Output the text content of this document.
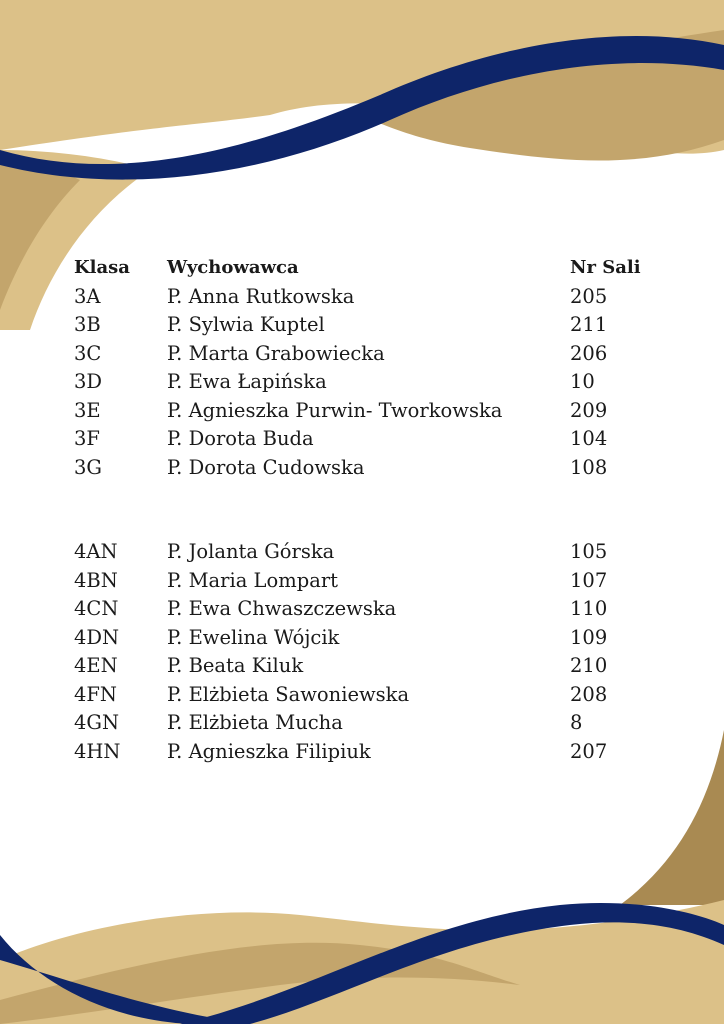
Klasa	Wychowawca	Nr Sali
3A	P. Anna Rutkowska	205
3B	P. Sylwia Kuptel	211
3C	P. Marta Grabowiecka	206
3D	P. Ewa Łapińska	10
3E	P. Agnieszka Purwin- Tworkowska	209
3F	P. Dorota Buda	104
3G	P. Dorota Cudowska	108

4AN	P. Jolanta Górska	105
4BN	P. Maria Lompart	107
4CN	P. Ewa Chwaszczewska	110
4DN	P. Ewelina Wójcik	109
4EN	P. Beata Kiluk	210
4FN	P. Elżbieta Sawoniewska	208
4GN	P. Elżbieta Mucha	8
4HN	P. Agnieszka Filipiuk	207
